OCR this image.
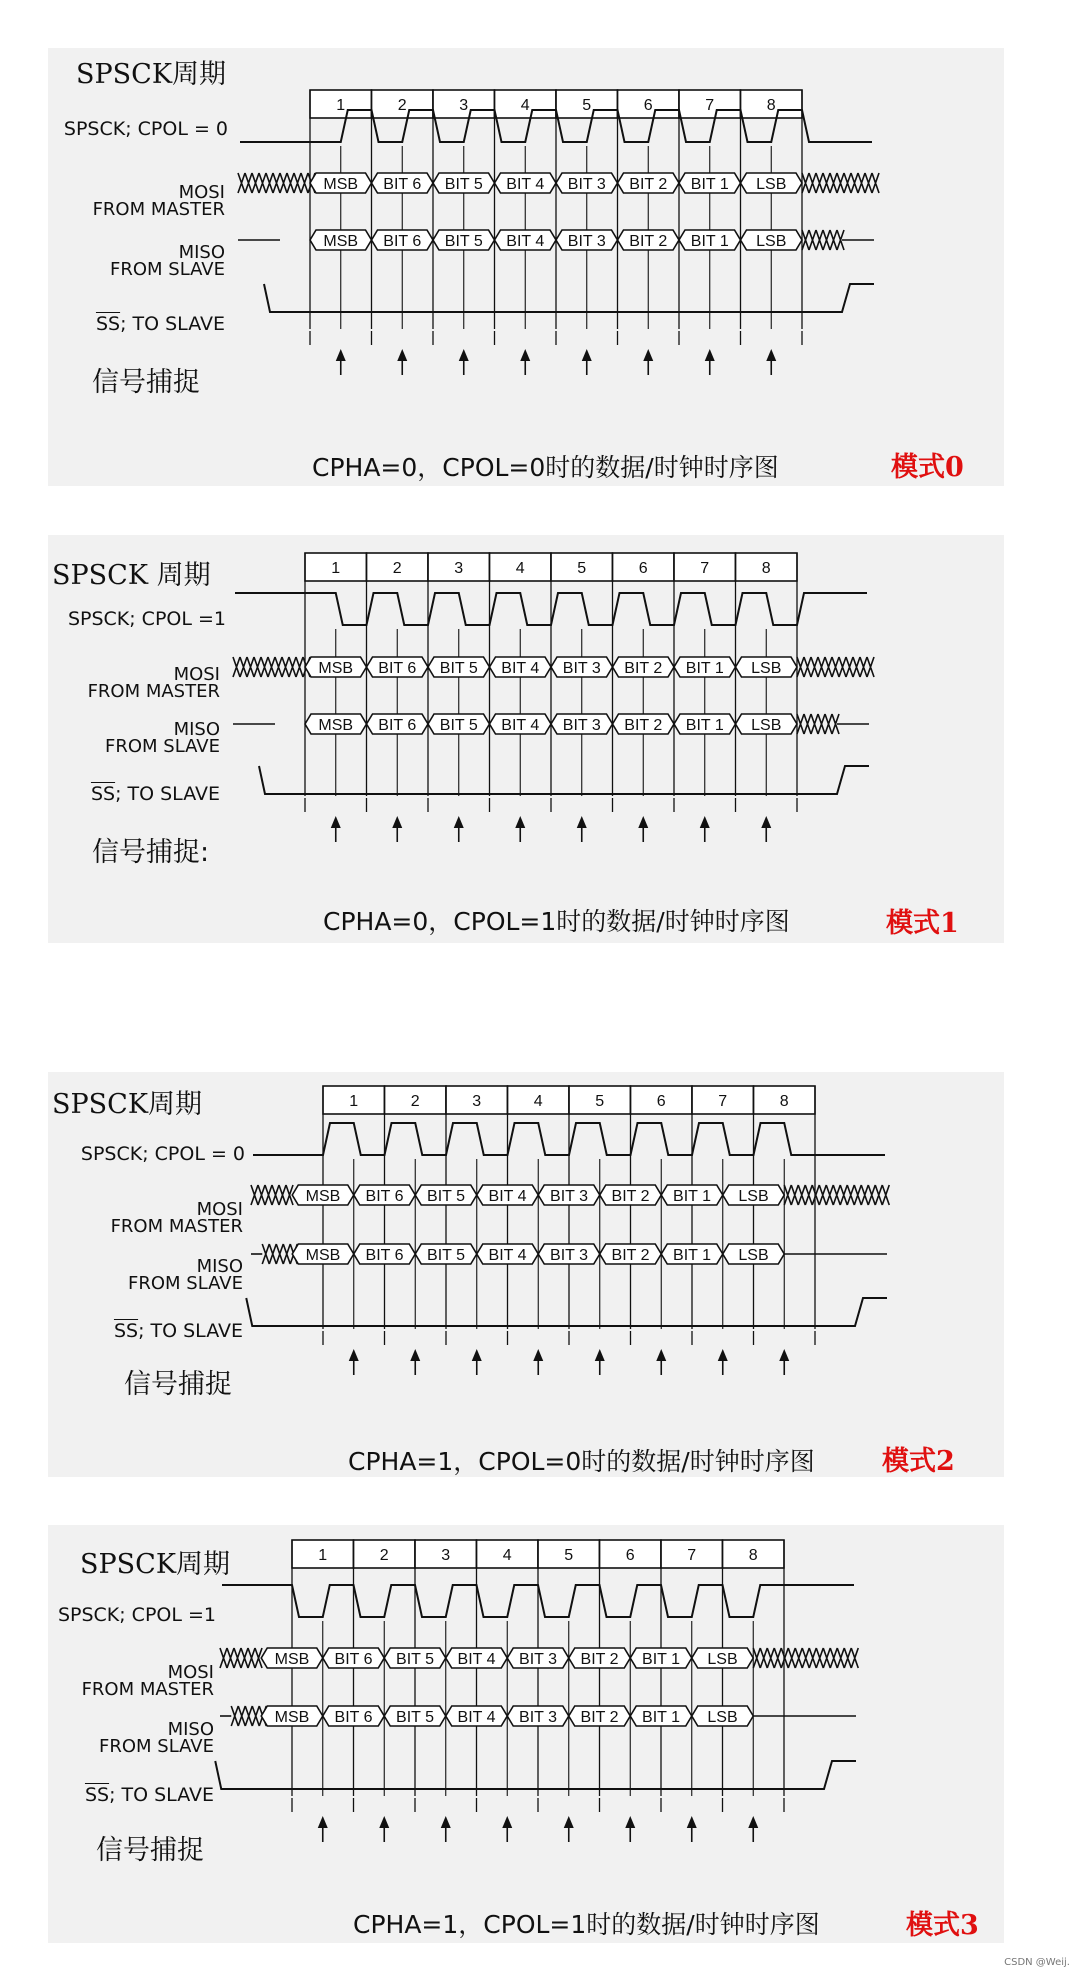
1	2	3	4	5	6	7	8
MSB BIT 6 BIT 5 BIT 4 BIT 3 BIT 2 BIT 1 LSB
MSB BIT 6 BIT 5 BIT 4 BIT 3 BIT 2 BIT 1 LSB
SPSCK周期
SPSCK; CPOL = 0
MOSI
FROM MASTER
MISO
FROM SLAVE
$\overline{SS}$; TO SLAVE
信号捕捉
CPHA=0，CPOL=0时的数据/时钟时序图	模式0
1	2	3	4	5	6	7	8
MSB BIT 6 BIT 5 BIT 4 BIT 3 BIT 2 BIT 1 LSB
MSB BIT 6 BIT 5 BIT 4 BIT 3 BIT 2 BIT 1 LSB
SPSCK 周期
SPSCK; CPOL =1
MOSI
FROM MASTER
MISO
FROM SLAVE
$\overline{SS}$; TO SLAVE
信号捕捉:
CPHA=0，CPOL=1时的数据/时钟时序图	模式1
1	2	3	4	5	6	7	8
MSB BIT 6 BIT 5 BIT 4 BIT 3 BIT 2 BIT 1 LSB
MSB BIT 6 BIT 5 BIT 4 BIT 3 BIT 2 BIT 1 LSB
SPSCK周期
SPSCK; CPOL = 0
MOSI
FROM MASTER
MISO
FROM SLAVE
$\overline{SS}$; TO SLAVE
信号捕捉
CPHA=1，CPOL=0时的数据/时钟时序图 模式2
1	2	3	4	5	6	7	8
MSB BIT 6 BIT 5 BIT 4 BIT 3 BIT 2 BIT 1 LSB
MSB BIT 6 BIT 5 BIT 4 BIT 3 BIT 2 BIT 1 LSB
SPSCK周期
SPSCK; CPOL =1
MOSI
FROM MASTER
MISO
FROM SLAVE
$\overline{SS}$; TO SLAVE
信号捕捉
CPHA=1，CPOL=1时的数据/时钟时序图	模式3
CSDN @Weij.
